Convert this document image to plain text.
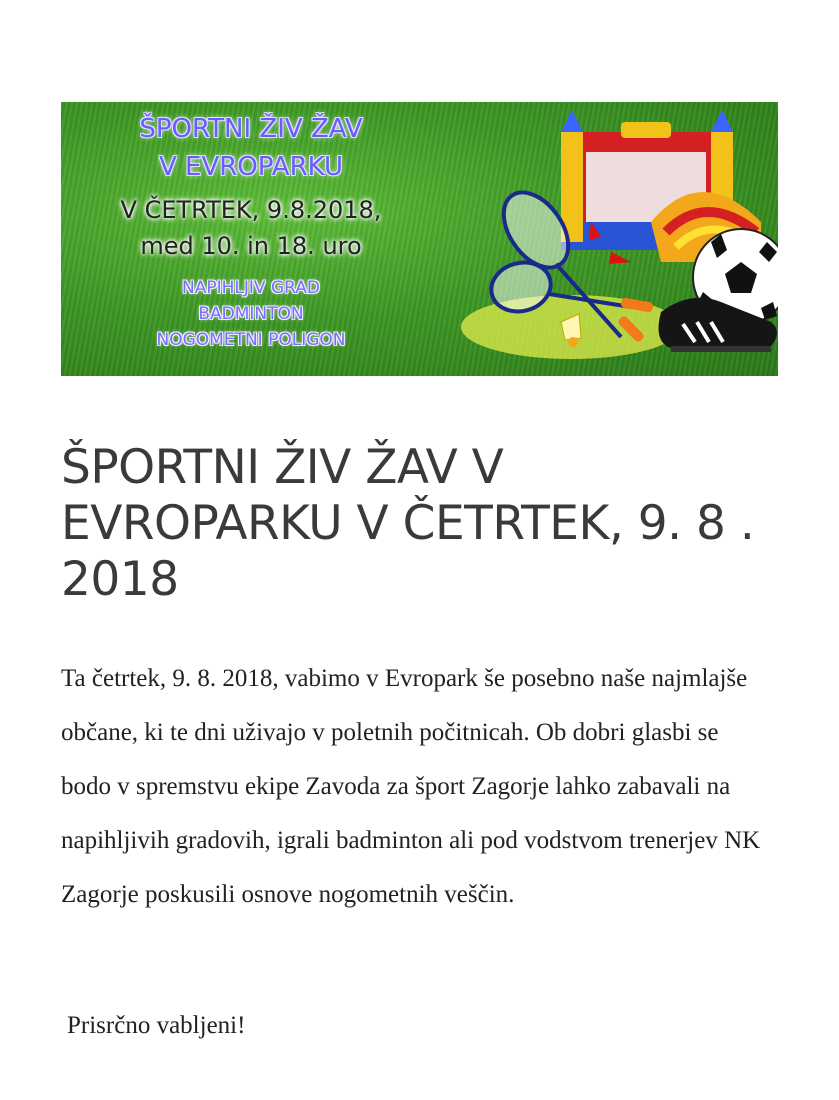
ŠPORTNI ŽIV ŽAV
V EVROPARKU
V ČETRTEK, 9.8.2018,
med 10. in 18. uro
NAPIHLJIV GRAD
BADMINTON
NOGOMETNI POLIGON
ŠPORTNI ŽIV ŽAV V EVROPARKU V ČETRTEK, 9. 8 . 2018

Ta četrtek, 9. 8. 2018, vabimo v Evropark še posebno naše najmlajše občane, ki te dni uživajo v poletnih počitnicah. Ob dobri glasbi se bodo v spremstvu ekipe Zavoda za šport Zagorje lahko zabavali na napihljivih gradovih, igrali badminton ali pod vodstvom trenerjev NK Zagorje poskusili osnove nogometnih veščin.

Prisrčno vabljeni!
